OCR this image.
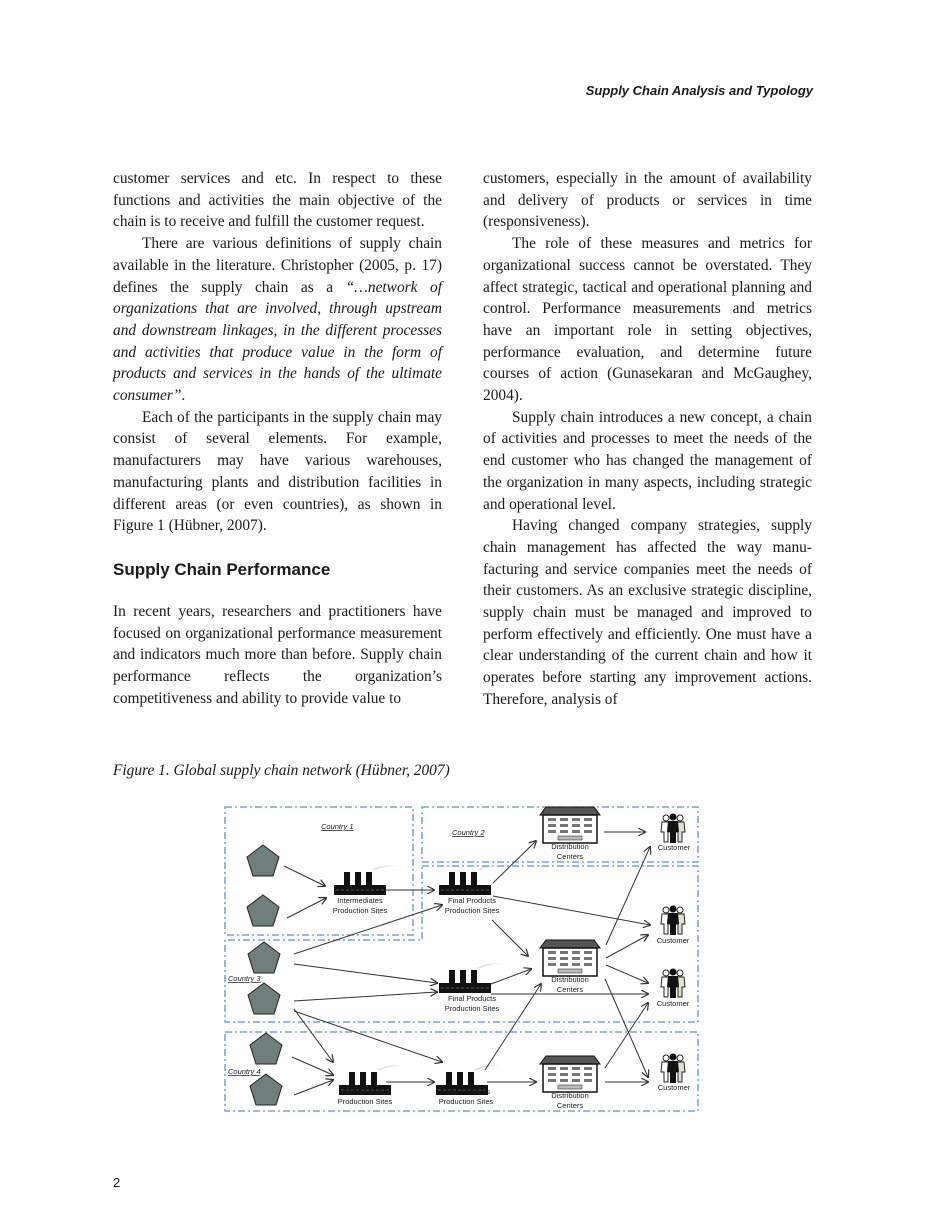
Supply Chain Analysis and Typology

customer services and etc. In respect to these functions and activities the main objective of the chain is to receive and fulfill the customer request.

There are various definitions of supply chain available in the literature. Christopher (2005, p. 17) defines the supply chain as a “…network of organizations that are involved, through upstream and downstream linkages, in the different processes and activities that produce value in the form of products and services in the hands of the ultimate consumer”.

Each of the participants in the supply chain may consist of several elements. For example, manufacturers may have various warehouses, manufacturing plants and distribution facilities in different areas (or even countries), as shown in Figure 1 (Hübner, 2007).

Supply Chain Performance

In recent years, researchers and practitioners have focused on organizational performance measurement and indicators much more than before. Supply chain performance reflects the organization’s competitiveness and ability to provide value to

customers, especially in the amount of availability and delivery of products or services in time (responsiveness).

The role of these measures and metrics for organizational success cannot be overstated. They affect strategic, tactical and operational planning and control. Performance measurements and metrics have an important role in setting objectives, performance evaluation, and determine future courses of action (Gunasekaran and McGaughey, 2004).

Supply chain introduces a new concept, a chain of activities and processes to meet the needs of the end customer who has changed the management of the organization in many aspects, including strategic and operational level.

Having changed company strategies, supply chain management has affected the way manufacturing and service companies meet the needs of their customers. As an exclusive strategic discipline, supply chain must be managed and improved to perform effectively and efficiently. One must have a clear understanding of the current chain and how it operates before starting any improvement actions. Therefore, analysis of

Figure 1. Global supply chain network (Hübner, 2007)
Country 1
Country 2
Country 3
Country 4
Intermediates
Production Sites
Final Products
Production Sites
Final Products
Production Sites
Intermediates
Production Sites
Final Products
Production Sites
Distribution
Centers
Distribution
Centers
Distribution
Centers
Customer
Customer
Customer
Customer
2
